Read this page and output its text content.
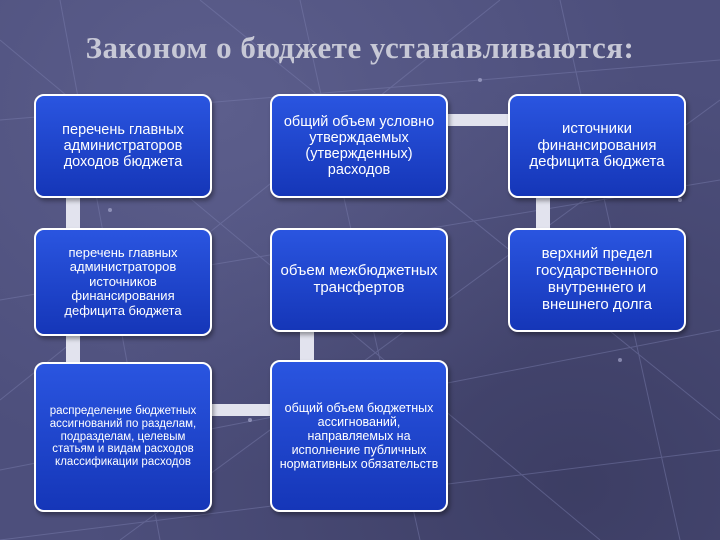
Законом о бюджете устанавливаются:
перечень главных администраторов доходов бюджета
общий объем условно утверждаемых (утвержденных) расходов
источники финансирования дефицита бюджета
перечень главных администраторов источников финансирования дефицита бюджета
объем межбюджетных трансфертов
верхний предел государственного внутреннего и внешнего долга
распределение бюджетных ассигнований по разделам, подразделам, целевым статьям и видам расходов классификации расходов
общий объем бюджетных ассигнований, направляемых на исполнение публичных нормативных обязательств
